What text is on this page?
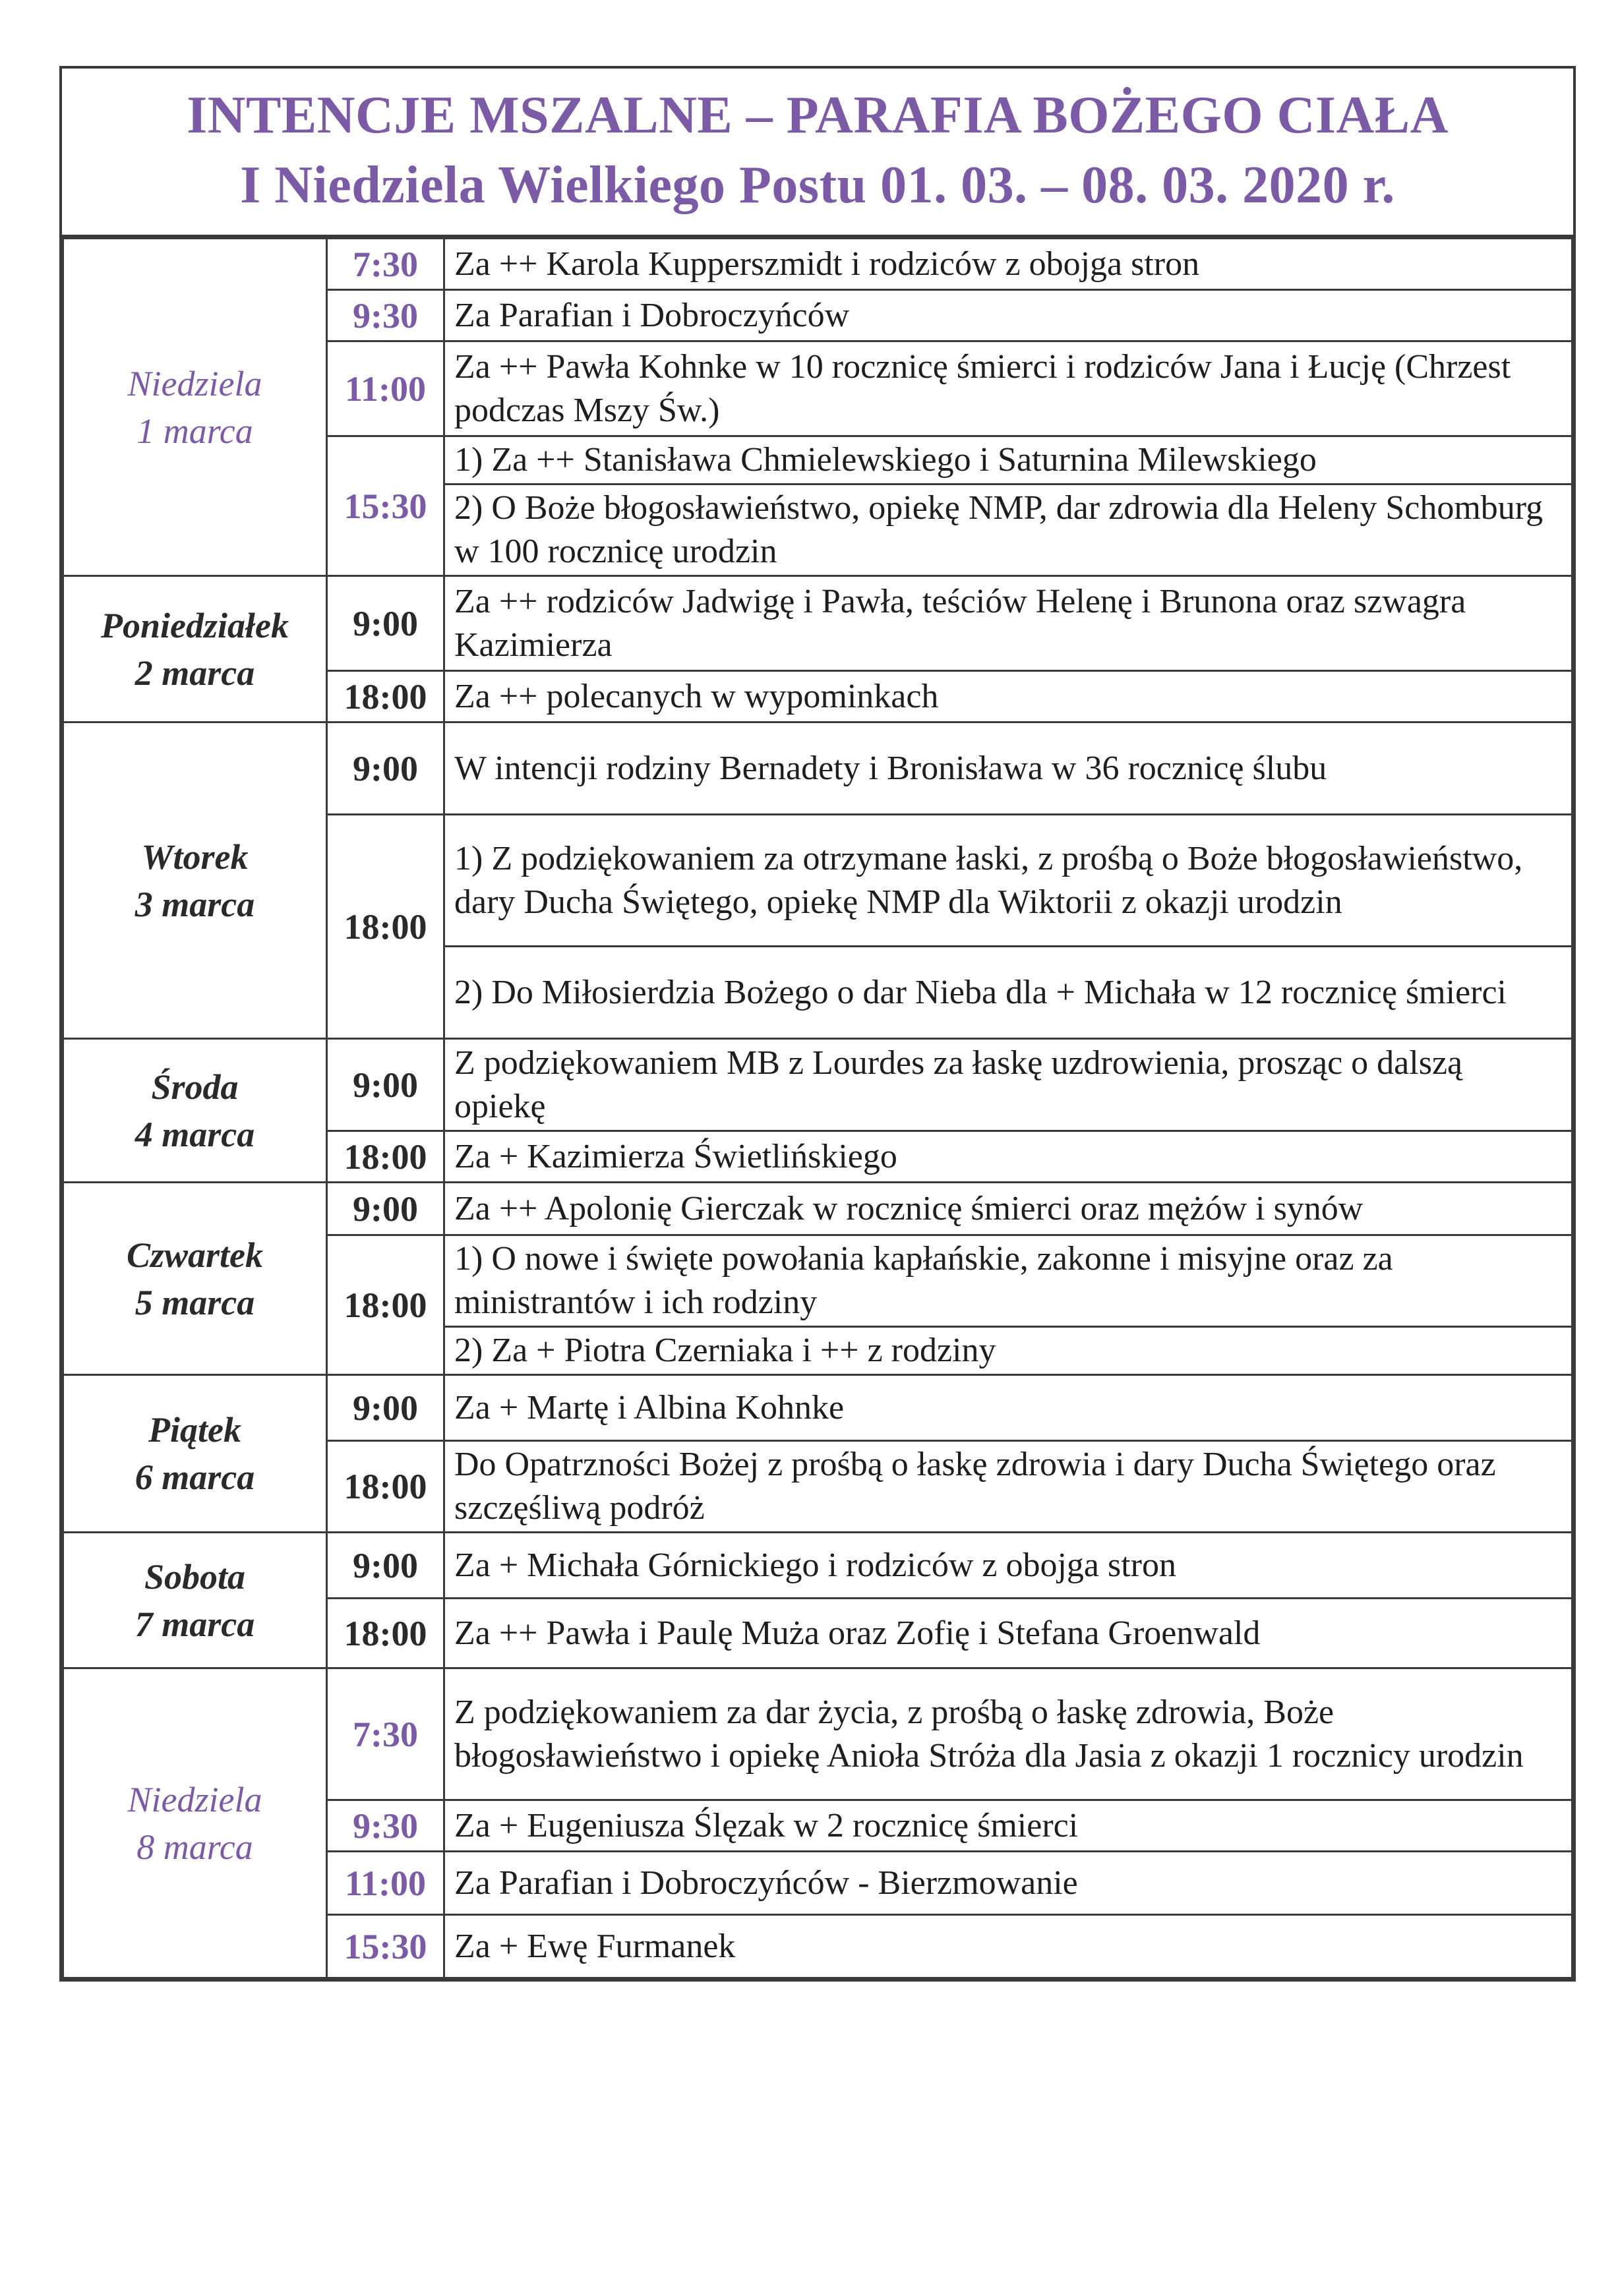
INTENCJE MSZALNE – PARAFIA BOŻEGO CIAŁA
I Niedziela Wielkiego Postu 01. 03. – 08. 03. 2020 r.
Niedziela
1 marca	7:30	Za ++ Karola Kupperszmidt i rodziców z obojga stron
	9:30	Za Parafian i Dobroczyńców
	11:00	Za ++ Pawła Kohnke w 10 rocznicę śmierci i rodziców Jana i Łucję (Chrzest podczas Mszy Św.)
	15:30	1) Za ++ Stanisława Chmielewskiego i Saturnina Milewskiego
		2) O Boże błogosławieństwo, opiekę NMP, dar zdrowia dla Heleny Schomburg w 100 rocznicę urodzin

Poniedziałek
2 marca	9:00	Za ++ rodziców Jadwigę i Pawła, teściów Helenę i Brunona oraz szwagra Kazimierza
	18:00	Za ++ polecanych w wypominkach

Wtorek
3 marca	9:00	W intencji rodziny Bernadety i Bronisława w 36 rocznicę ślubu
	18:00	1) Z podziękowaniem za otrzymane łaski, z prośbą o Boże błogosławieństwo, dary Ducha Świętego, opiekę NMP dla Wiktorii z okazji urodzin
		2) Do Miłosierdzia Bożego o dar Nieba dla + Michała w 12 rocznicę śmierci

Środa
4 marca	9:00	Z podziękowaniem MB z Lourdes za łaskę uzdrowienia, prosząc o dalszą opiekę
	18:00	Za + Kazimierza Świetlińskiego

Czwartek
5 marca	9:00	Za ++ Apolonię Gierczak w rocznicę śmierci oraz mężów i synów
	18:00	1) O nowe i święte powołania kapłańskie, zakonne i misyjne oraz za ministrantów i ich rodziny
		2) Za + Piotra Czerniaka i ++ z rodziny

Piątek
6 marca	9:00	Za + Martę i Albina Kohnke
	18:00	Do Opatrzności Bożej z prośbą o łaskę zdrowia i dary Ducha Świętego oraz szczęśliwą podróż

Sobota
7 marca	9:00	Za + Michała Górnickiego i rodziców z obojga stron
	18:00	Za ++ Pawła i Paulę Muża oraz Zofię i Stefana Groenwald

Niedziela
8 marca	7:30	Z podziękowaniem za dar życia, z prośbą o łaskę zdrowia, Boże błogosławieństwo i opiekę Anioła Stróża dla Jasia z okazji 1 rocznicy urodzin
	9:30	Za + Eugeniusza Ślęzak w 2 rocznicę śmierci
	11:00	Za Parafian i Dobroczyńców - Bierzmowanie
	15:30	Za + Ewę Furmanek
